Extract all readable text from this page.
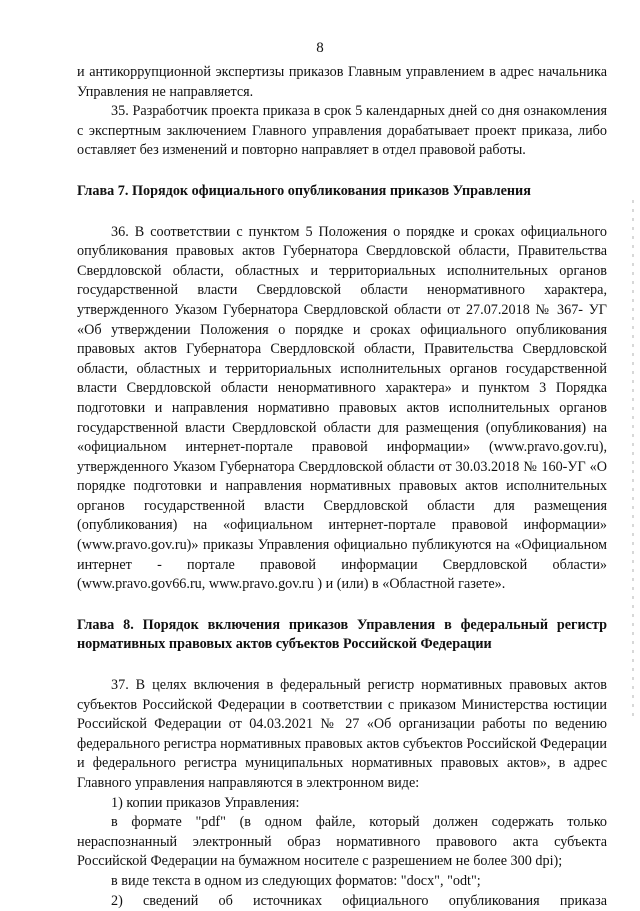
8

и антикоррупционной экспертизы приказов Главным управлением в адрес начальника Управления не направляется.

35. Разработчик проекта приказа в срок 5 календарных дней со дня ознакомления с экспертным заключением Главного управления дорабатывает проект приказа, либо оставляет без изменений и повторно направляет в отдел правовой работы.

Глава 7. Порядок официального опубликования приказов Управления

36. В соответствии с пунктом 5 Положения о порядке и сроках официального опубликования правовых актов Губернатора Свердловской области, Правительства Свердловской области, областных и территориальных исполнительных органов государственной власти Свердловской области ненормативного характера, утвержденного Указом Губернатора Свердловской области от 27.07.2018 № 367- УГ «Об утверждении Положения о порядке и сроках официального опубликования правовых актов Губернатора Свердловской области, Правительства Свердловской области, областных и территориальных исполнительных органов государственной власти Свердловской области ненормативного характера» и пунктом 3 Порядка подготовки и направления нормативно правовых актов исполнительных органов государственной власти Свердловской области для размещения (опубликования) на «официальном интернет-портале правовой информации» (www.pravo.gov.ru), утвержденного Указом Губернатора Свердловской области от 30.03.2018 № 160-УГ «О порядке подготовки и направления нормативных правовых актов исполнительных органов государственной власти Свердловской области для размещения (опубликования) на «официальном интернет-портале правовой информации» (www.pravo.gov.ru)» приказы Управления официально публикуются на «Официальном интернет - портале правовой информации Свердловской области» (www.pravo.gov66.ru, www.pravo.gov.ru ) и (или) в «Областной газете».

Глава 8. Порядок включения приказов Управления в федеральный регистр нормативных правовых актов субъектов Российской Федерации

37. В целях включения в федеральный регистр нормативных правовых актов субъектов Российской Федерации в соответствии с приказом Министерства юстиции Российской Федерации от 04.03.2021 № 27 «Об организации работы по ведению федерального регистра нормативных правовых актов субъектов Российской Федерации и федерального регистра муниципальных нормативных правовых актов», в адрес Главного управления направляются в электронном виде:

1) копии приказов Управления:

в формате "pdf" (в одном файле, который должен содержать только нераспознанный электронный образ нормативного правового акта субъекта Российской Федерации на бумажном носителе с разрешением не более 300 dpi);

в виде текста в одном из следующих форматов: "docx", "odt";

2) сведений об источниках официального опубликования приказа
